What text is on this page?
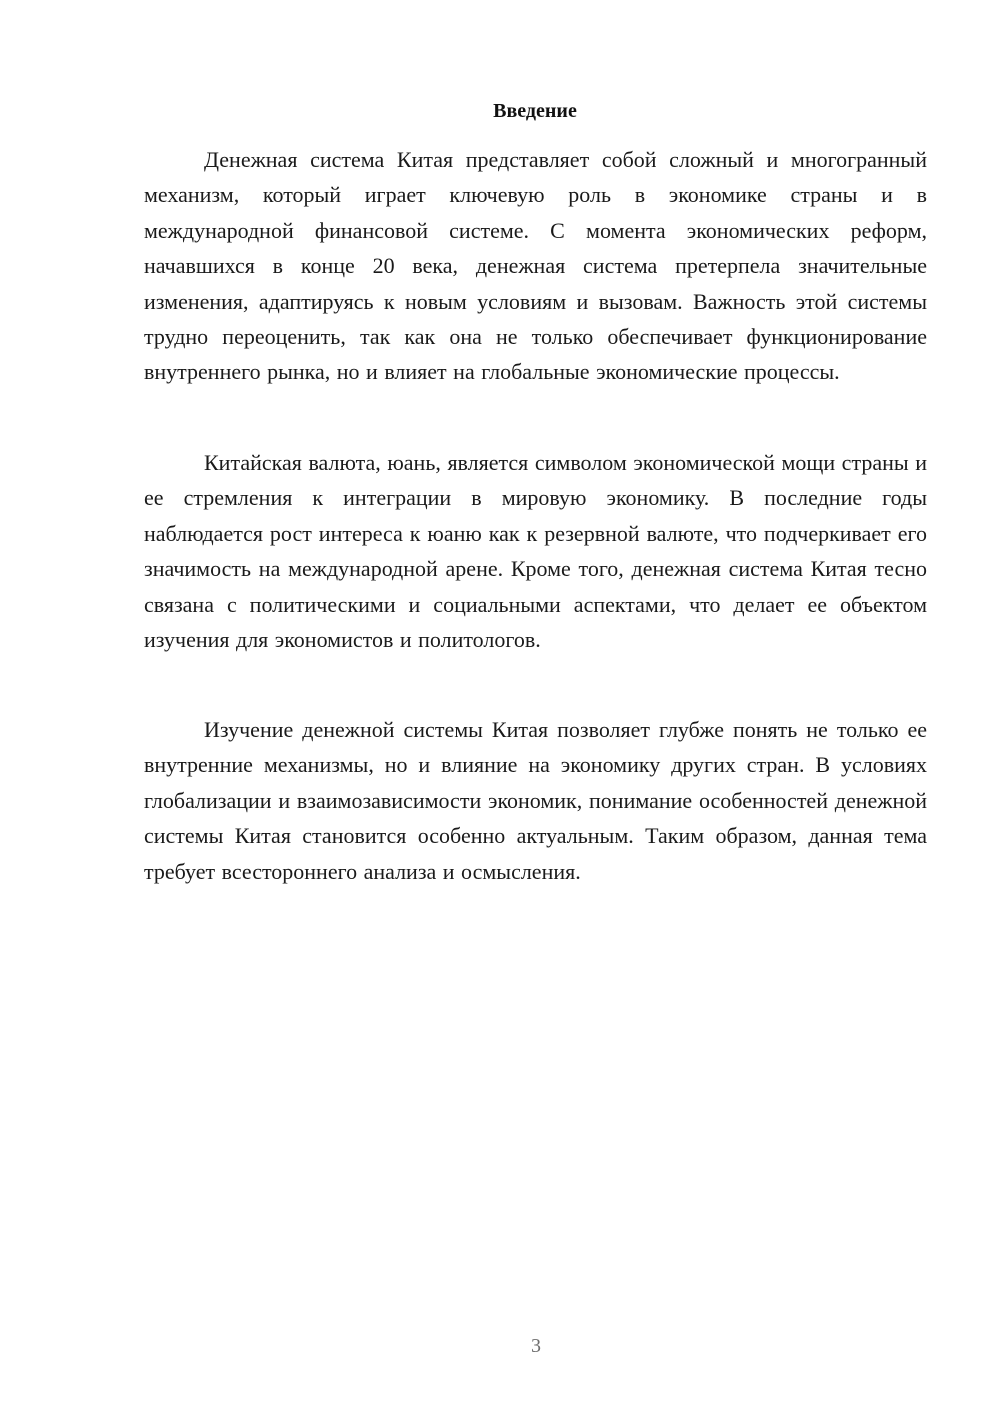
Введение

Денежная система Китая представляет собой сложный и многогранный механизм, который играет ключевую роль в экономике страны и в международной финансовой системе. С момента экономических реформ, начавшихся в конце 20 века, денежная система претерпела значительные изменения, адаптируясь к новым условиям и вызовам. Важность этой системы трудно переоценить, так как она не только обеспечивает функционирование внутреннего рынка, но и влияет на глобальные экономические процессы.

Китайская валюта, юань, является символом экономической мощи страны и ее стремления к интеграции в мировую экономику. В последние годы наблюдается рост интереса к юаню как к резервной валюте, что подчеркивает его значимость на международной арене. Кроме того, денежная система Китая тесно связана с политическими и социальными аспектами, что делает ее объектом изучения для экономистов и политологов.

Изучение денежной системы Китая позволяет глубже понять не только ее внутренние механизмы, но и влияние на экономику других стран. В условиях глобализации и взаимозависимости экономик, понимание особенностей денежной системы Китая становится особенно актуальным. Таким образом, данная тема требует всестороннего анализа и осмысления.

3
